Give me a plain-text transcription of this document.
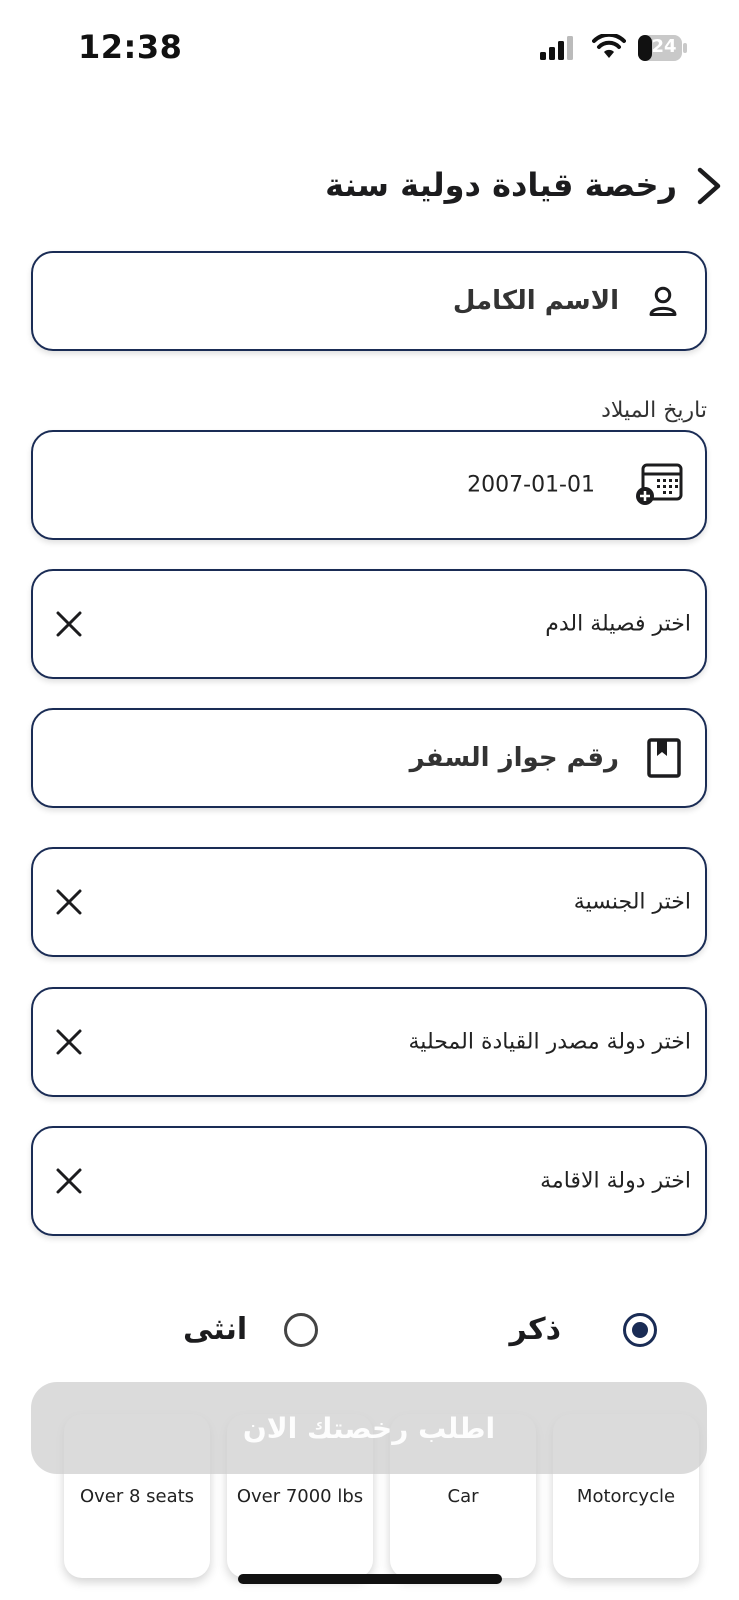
12:38	24
رخصة قيادة دولية سنة
الاسم الكامل
تاريخ الميلاد
2007-01-01
اختر فصيلة الدم
رقم جواز السفر
اختر الجنسية
اختر دولة مصدر القيادة المحلية
اختر دولة الاقامة
ذكر
انثى
Over 8 seats Over 7000 lbs	Car	Motorcycle
اطلب رخصتك الان
